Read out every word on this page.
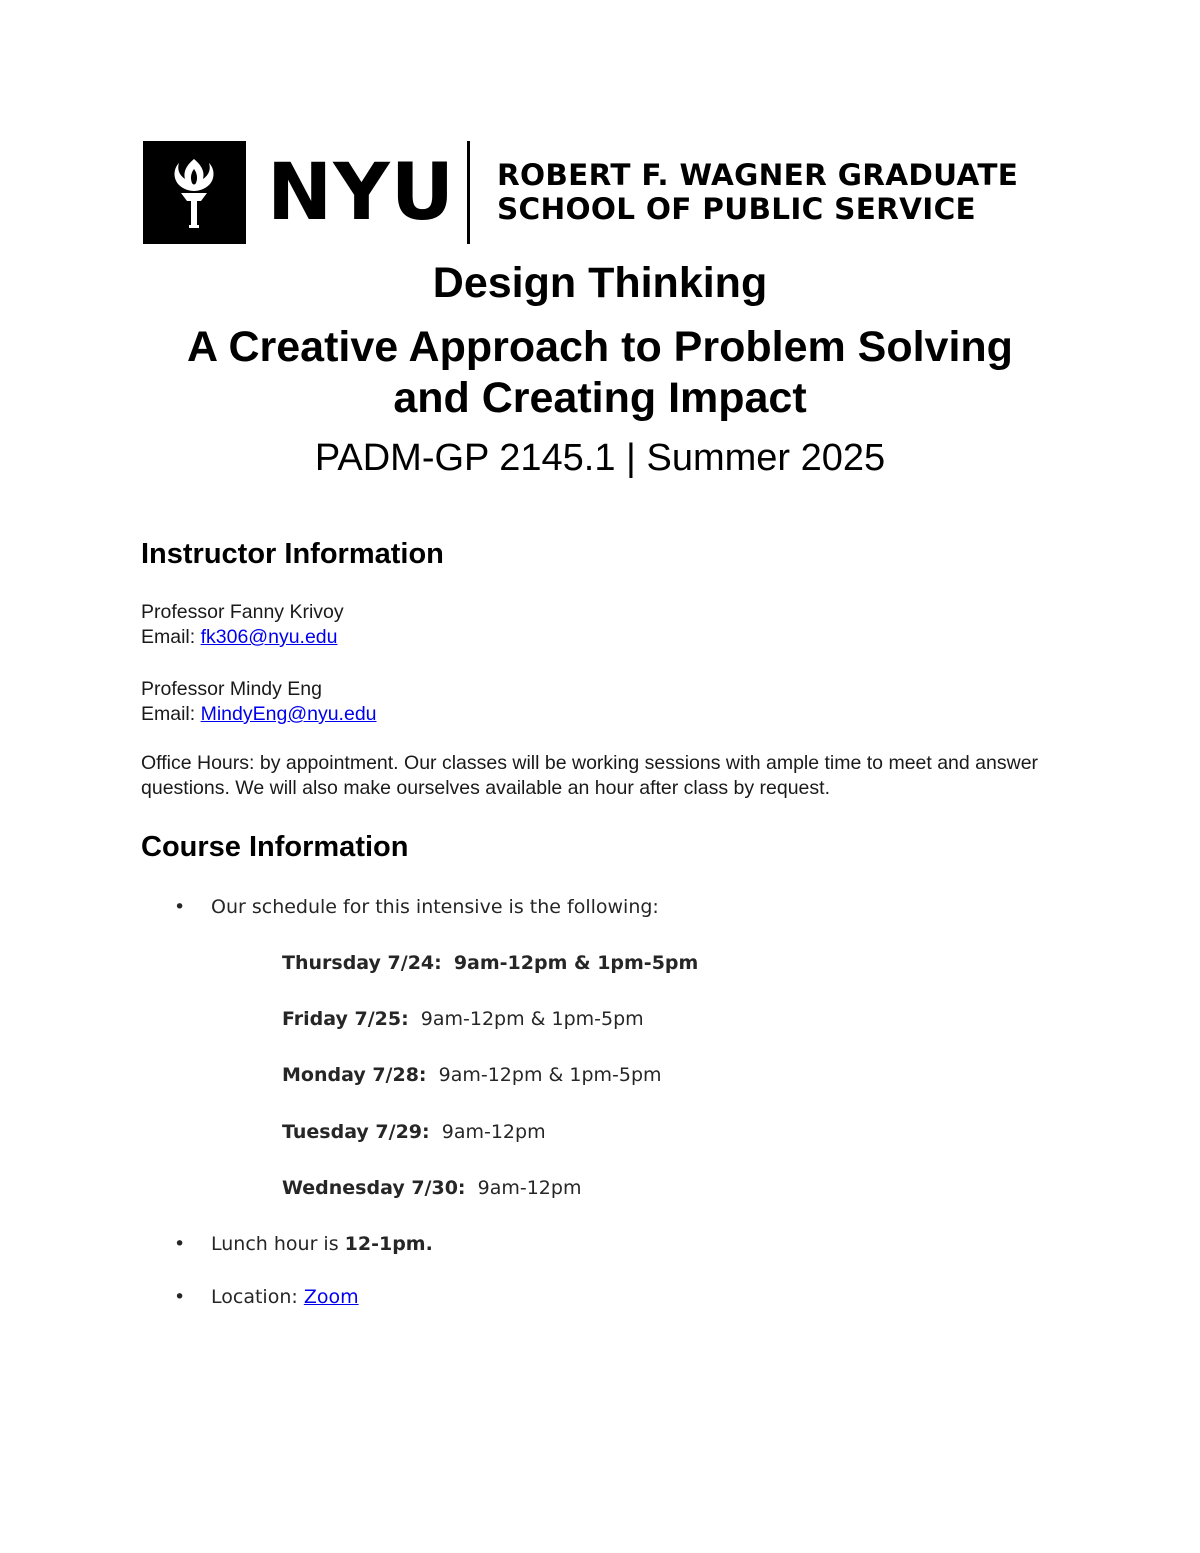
NYU ROBERT F. WAGNER GRADUATE
SCHOOL OF PUBLIC SERVICE
Design Thinking
A Creative Approach to Problem Solving
and Creating Impact
PADM-GP 2145.1 | Summer 2025
Instructor Information
Professor Fanny Krivoy
Email: fk306@nyu.edu
Professor Mindy Eng
Email: MindyEng@nyu.edu
Office Hours: by appointment. Our classes will be working sessions with ample time to meet and answer questions. We will also make ourselves available an hour after class by request.
Course Information
•	Our schedule for this intensive is the following:
Thursday 7/24: 9am-12pm & 1pm-5pm
Friday 7/25: 9am-12pm & 1pm-5pm
Monday 7/28: 9am-12pm & 1pm-5pm
Tuesday 7/29: 9am-12pm
Wednesday 7/30: 9am-12pm
•	Lunch hour is 12-1pm.
•	Location: Zoom
